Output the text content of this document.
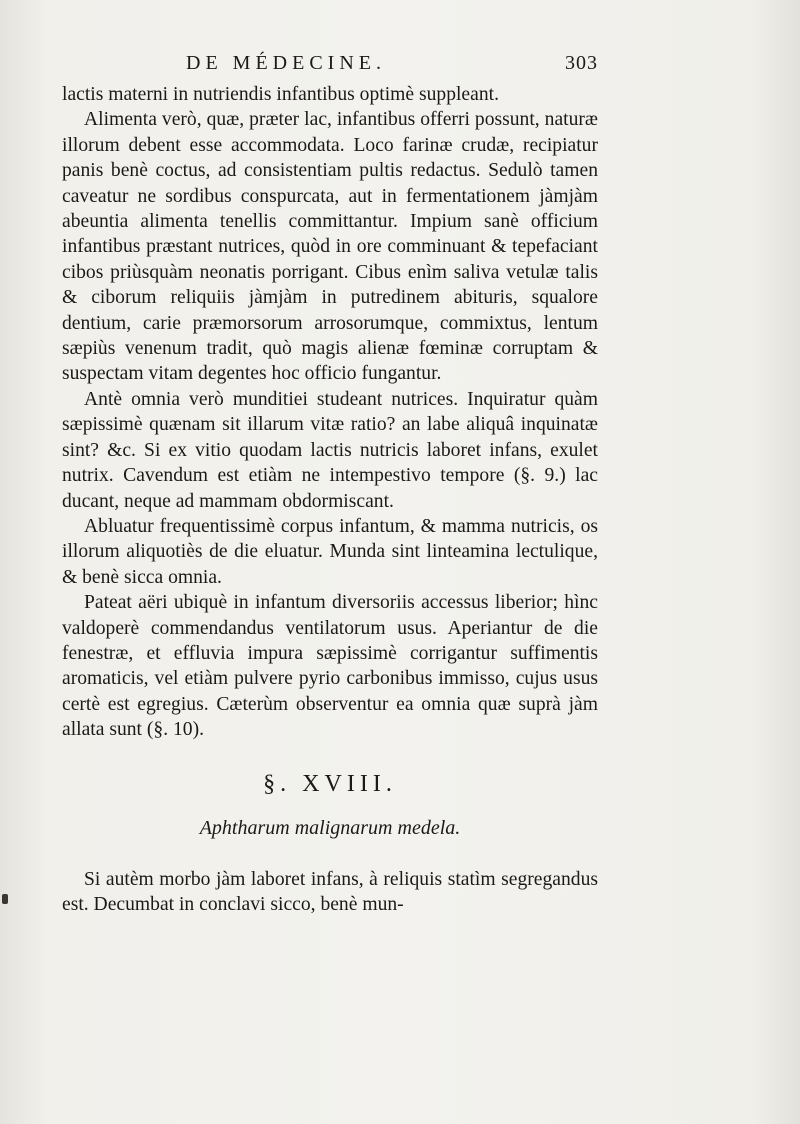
DE MÉDECINE.	303

lactis materni in nutriendis infantibus optimè suppleant.

Alimenta verò, quæ, præter lac, infantibus offerri possunt, naturæ illorum debent esse accommodata. Loco farinæ crudæ, recipiatur panis benè coctus, ad consistentiam pultis redactus. Sedulò tamen caveatur ne sordibus conspurcata, aut in fermentationem jàmjàm abeuntia alimenta tenellis committantur. Impium sanè officium infantibus præstant nutrices, quòd in ore comminuant & tepefaciant cibos priùsquàm neonatis porrigant. Cibus enìm saliva vetulæ talis & ciborum reliquiis jàmjàm in putredinem abituris, squalore dentium, carie præmorsorum arrosorumque, commixtus, lentum sæpiùs venenum tradit, quò magis alienæ fœminæ corruptam & suspectam vitam degentes hoc officio fungantur.

Antè omnia verò munditiei studeant nutrices. Inquiratur quàm sæpissimè quænam sit illarum vitæ ratio? an labe aliquâ inquinatæ sint? &c. Si ex vitio quodam lactis nutricis laboret infans, exulet nutrix. Cavendum est etiàm ne intempestivo tempore (§. 9.) lac ducant, neque ad mammam obdormiscant.

Abluatur frequentissimè corpus infantum, & mamma nutricis, os illorum aliquotiès de die eluatur. Munda sint linteamina lectulique, & benè sicca omnia.

Pateat aëri ubiquè in infantum diversoriis accessus liberior; hìnc valdoperè commendandus ventilatorum usus. Aperiantur de die fenestræ, et effluvia impura sæpissimè corrigantur suffimentis aromaticis, vel etiàm pulvere pyrio carbonibus immisso, cujus usus certè est egregius. Cæterùm observentur ea omnia quæ suprà jàm allata sunt (§. 10).

§. XVIII.
Aphtharum malignarum medela.

Si autèm morbo jàm laboret infans, à reliquis statìm segregandus est. Decumbat in conclavi sicco, benè mun-
